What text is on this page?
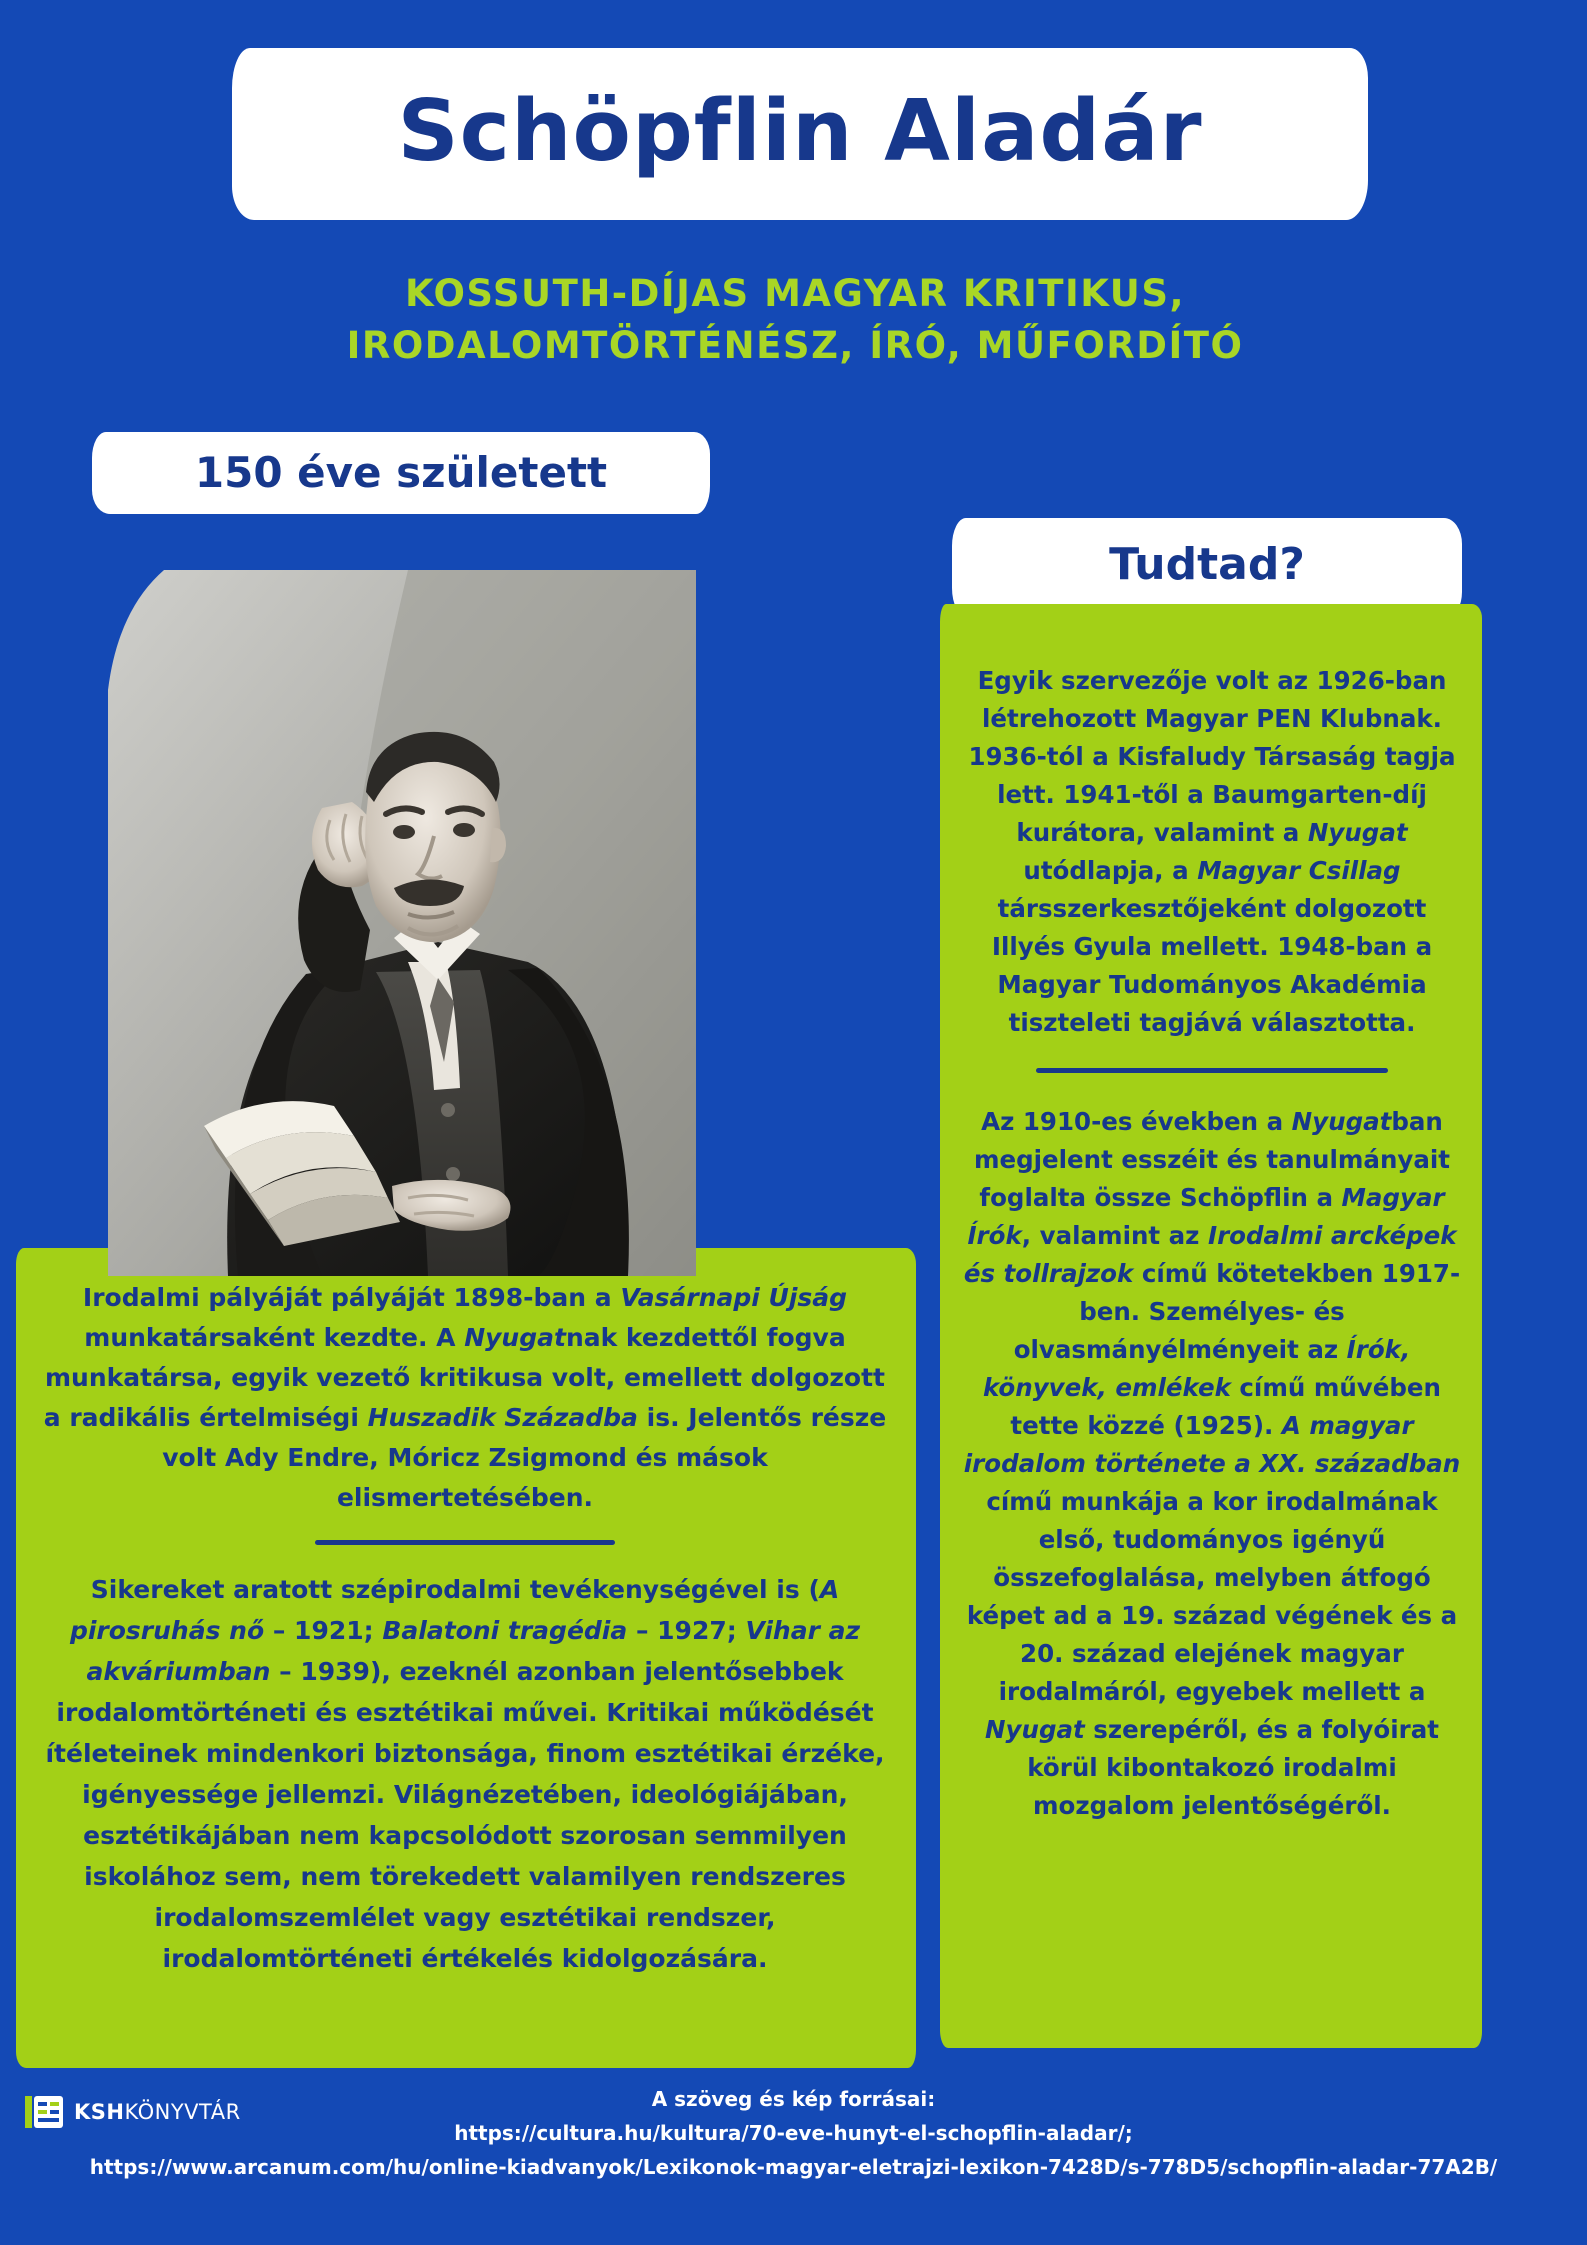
Schöpflin Aladár
KOSSUTH-DÍJAS MAGYAR KRITIKUS, IRODALOMTÖRTÉNÉSZ, ÍRÓ, MŰFORDÍTÓ
150 éve született
Tudtad?

Egyik szervezője volt az 1926-ban létrehozott Magyar PEN Klubnak. 1936-tól a Kisfaludy Társaság tagja lett. 1941-től a Baumgarten-díj kurátora, valamint a Nyugat utódlapja, a Magyar Csillag társszerkesztőjeként dolgozott Illyés Gyula mellett. 1948-ban a Magyar Tudományos Akadémia tiszteleti tagjává választotta.

Az 1910-es években a Nyugatban megjelent esszéit és tanulmányait foglalta össze Schöpflin a Magyar Írók, valamint az Irodalmi arcképek és tollrajzok című kötetekben 1917-ben. Személyes- és olvasmányélményeit az Írók, könyvek, emlékek című művében tette közzé (1925). A magyar irodalom története a XX. században című munkája a kor irodalmának első, tudományos igényű összefoglalása, melyben átfogó képet ad a 19. század végének és a 20. század elejének magyar irodalmáról, egyebek mellett a Nyugat szerepéről, és a folyóirat körül kibontakozó irodalmi mozgalom jelentőségéről.

Irodalmi pályáját pályáját 1898-ban a Vasárnapi Újság munkatársaként kezdte. A Nyugatnak kezdettől fogva munkatársa, egyik vezető kritikusa volt, emellett dolgozott a radikális értelmiségi Huszadik Századba is. Jelentős része volt Ady Endre, Móricz Zsigmond és mások elismertetésében.

Sikereket aratott szépirodalmi tevékenységével is (A pirosruhás nő – 1921; Balatoni tragédia – 1927; Vihar az akváriumban – 1939), ezeknél azonban jelentősebbek irodalomtörténeti és esztétikai művei. Kritikai működését ítéleteinek mindenkori biztonsága, finom esztétikai érzéke, igényessége jellemzi. Világnézetében, ideológiájában, esztétikájában nem kapcsolódott szorosan semmilyen iskolához sem, nem törekedett valamilyen rendszeres irodalomszemlélet vagy esztétikai rendszer, irodalomtörténeti értékelés kidolgozására.

KSHKÖNYVTÁR
A szöveg és kép forrásai:
https://cultura.hu/kultura/70-eve-hunyt-el-schopflin-aladar/;
https://www.arcanum.com/hu/online-kiadvanyok/Lexikonok-magyar-eletrajzi-lexikon-7428D/s-778D5/schopflin-aladar-77A2B/
